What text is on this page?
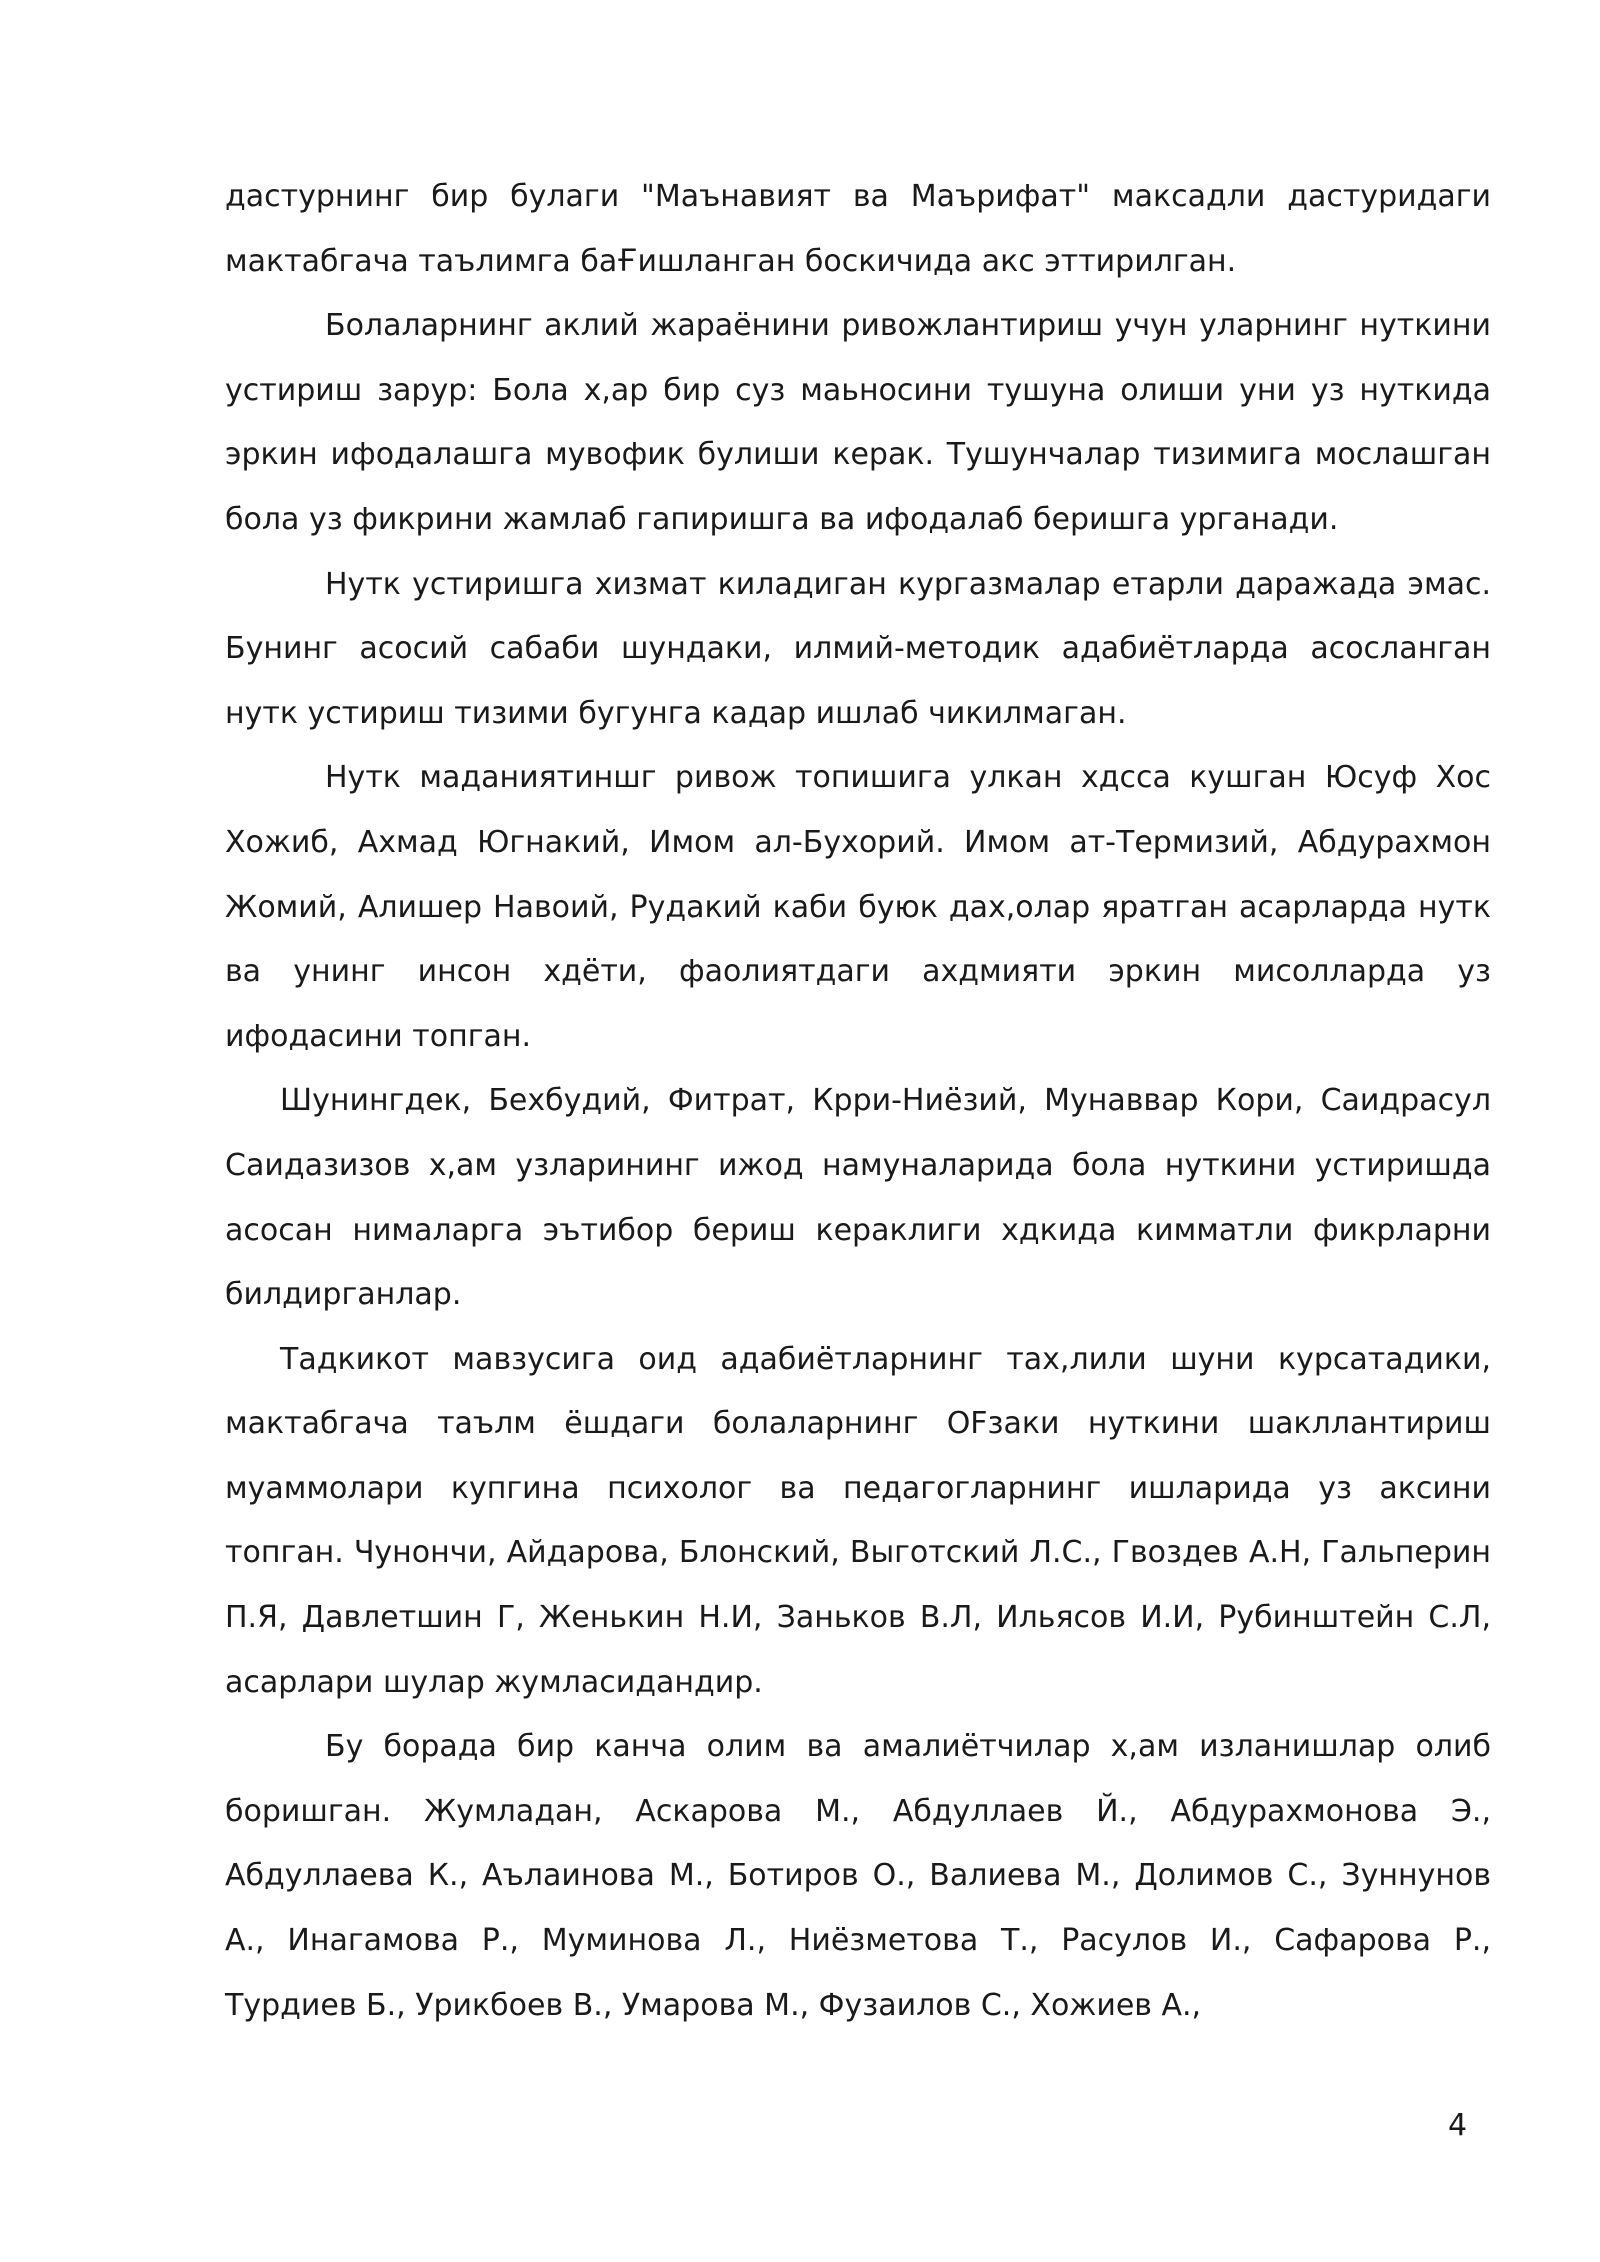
дастурнинг бир булаги "Маънавият ва Маърифат" максадли дастуридаги мактабгача таълимга баҒишланган боскичида акс эттирилган.

Болаларнинг аклий жараёнини ривожлантириш учун уларнинг нуткини устириш зарур: Бола х,ар бир суз маьносини тушуна олиши уни уз нуткида эркин ифодалашга мувофик булиши керак. Тушунчалар тизимига мослашган бола уз фикрини жамлаб гапиришга ва ифодалаб беришга урганади.

Нутк устиришга хизмат киладиган кургазмалар етарли даражада эмас. Бунинг асосий сабаби шундаки, илмий-методик адабиётларда асосланган нутк устириш тизими бугунга кадар ишлаб чикилмаган.

Нутк маданиятиншг ривож топишига улкан хдсса кушган Юсуф Хос Хожиб, Ахмад Югнакий, Имом ал-Бухорий. Имом ат-Термизий, Абдурахмон Жомий, Алишер Навоий, Рудакий каби буюк дах,олар яратган асарларда нутк ва унинг инсон хдёти, фаолиятдаги ахдмияти эркин мисолларда уз ифодасини топган.

Шунингдек, Бехбудий, Фитрат, Крри-Ниёзий, Мунаввар Кори, Саидрасул Саидазизов х,ам узларининг ижод намуналарида бола нуткини устиришда асосан нималарга эътибор бериш кераклиги хдкида кимматли фикрларни билдирганлар.

Тадкикот мавзусига оид адабиётларнинг тах,лили шуни курсатадики, мактабгача таълм ёшдаги болаларнинг OFзаки нуткини шакллантириш муаммолари купгина психолог ва педагогларнинг ишларида уз аксини топган. Чунончи, Айдарова, Блонский, Выготский Л.С., Гвоздев А.Н, Гальперин П.Я, Давлетшин Г, Женькин Н.И, Заньков В.Л, Ильясов И.И, Рубинштейн С.Л, асарлари шулар жумласидандир.

Бу борада бир канча олим ва амалиётчилар х,ам изланишлар олиб боришган. Жумладан, Аскарова М., Абдуллаев Й., Абдурахмонова Э., Абдуллаева К., Аълаинова М., Ботиров О., Валиева М., Долимов С., Зуннунов А., Инагамова Р., Муминова Л., Ниёзметова Т., Расулов И., Сафарова Р., Турдиев Б., Урикбоев В., Умарова М., Фузаилов С., Хожиев А.,

4
